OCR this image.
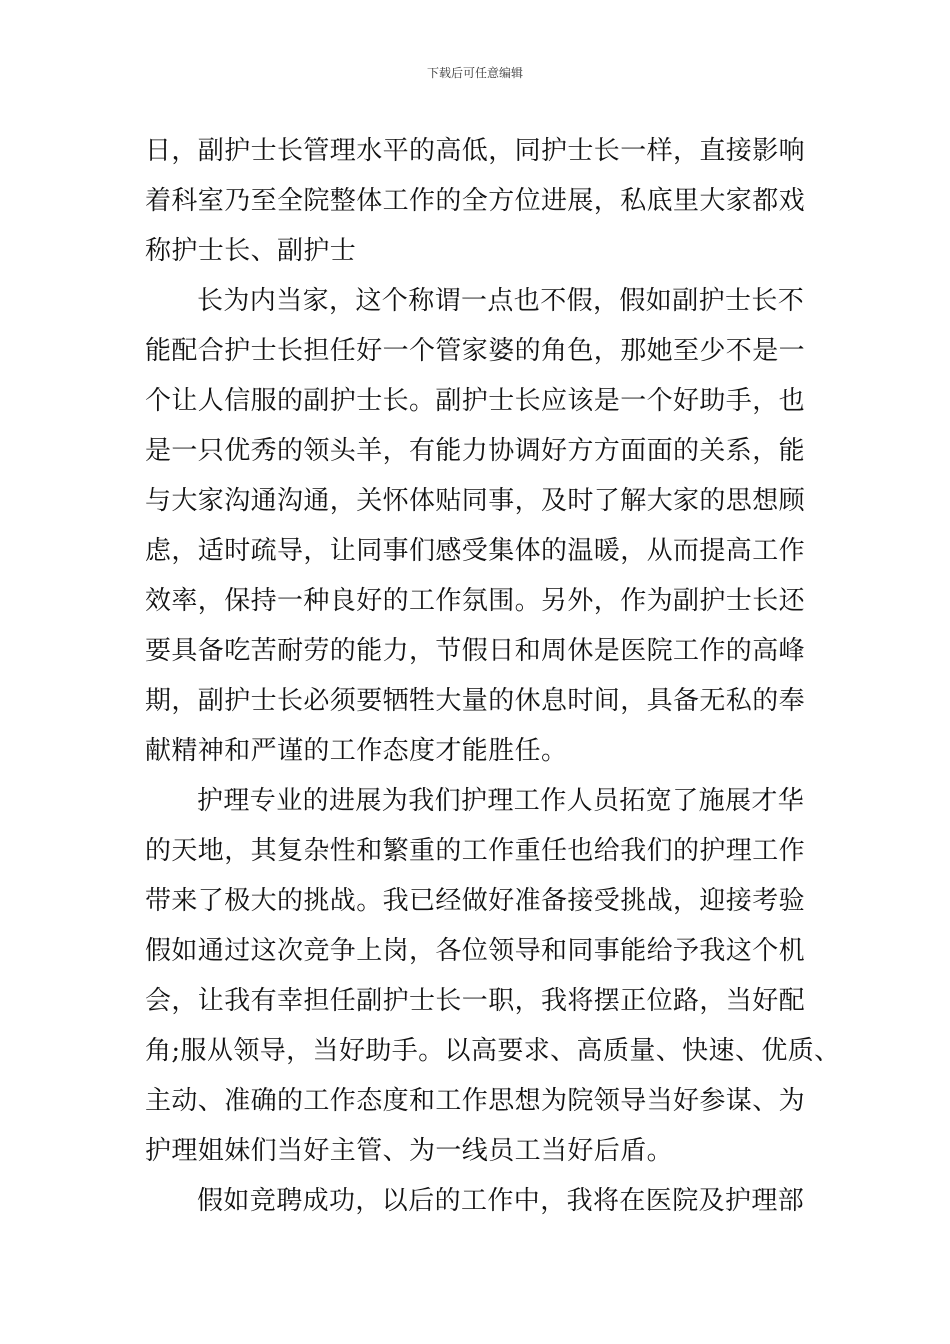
下载后可任意编辑
日，副护士长管理水平的高低，同护士长一样，直接影响
着科室乃至全院整体工作的全方位进展，私底里大家都戏
称护士长、副护士
长为内当家，这个称谓一点也不假，假如副护士长不
能配合护士长担任好一个管家婆的角色，那她至少不是一
个让人信服的副护士长。副护士长应该是一个好助手，也
是一只优秀的领头羊，有能力协调好方方面面的关系，能
与大家沟通沟通，关怀体贴同事，及时了解大家的思想顾
虑，适时疏导，让同事们感受集体的温暖，从而提高工作
效率，保持一种良好的工作氛围。另外，作为副护士长还
要具备吃苦耐劳的能力，节假日和周休是医院工作的高峰
期，副护士长必须要牺牲大量的休息时间，具备无私的奉
献精神和严谨的工作态度才能胜任。
护理专业的进展为我们护理工作人员拓宽了施展才华
的天地，其复杂性和繁重的工作重任也给我们的护理工作
带来了极大的挑战。我已经做好准备接受挑战，迎接考验
假如通过这次竞争上岗，各位领导和同事能给予我这个机
会，让我有幸担任副护士长一职，我将摆正位路，当好配
角;服从领导，当好助手。以高要求、高质量、快速、优质、
主动、准确的工作态度和工作思想为院领导当好参谋、为
护理姐妹们当好主管、为一线员工当好后盾。
假如竞聘成功，以后的工作中，我将在医院及护理部
